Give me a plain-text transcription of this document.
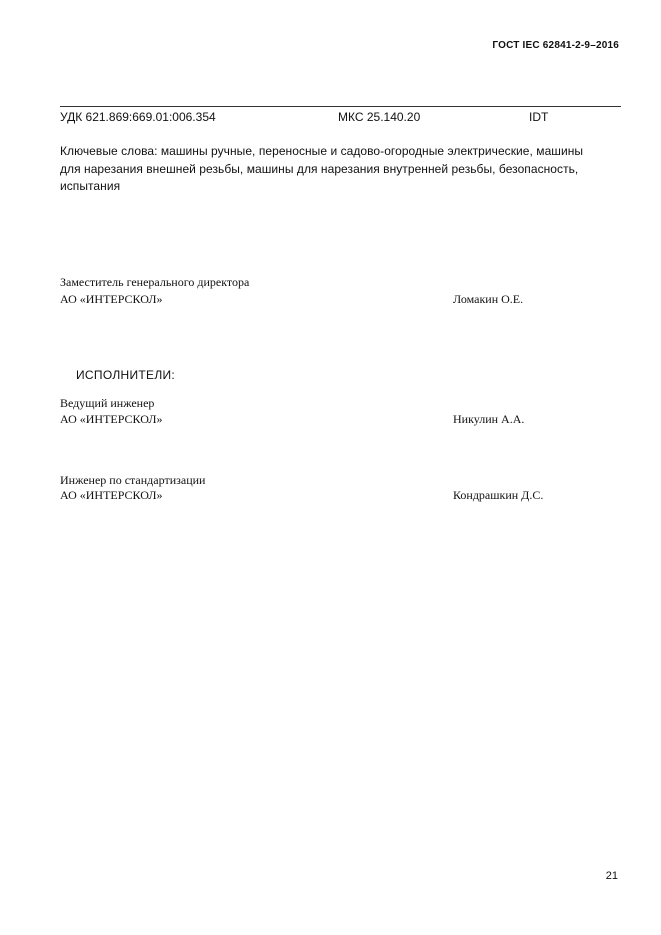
ГОСТ IEC 62841-2-9–2016
УДК 621.869:669.01:006.354	МКС 25.140.20	IDT
Ключевые слова: машины ручные, переносные и садово-огородные электрические, машины для нарезания внешней резьбы, машины для нарезания внутренней резьбы, безопасность, испытания
Заместитель генерального директора
АО «ИНТЕРСКОЛ»	Ломакин О.Е.
ИСПОЛНИТЕЛИ:
Ведущий инженер
АО «ИНТЕРСКОЛ»	Никулин А.А.
Инженер по стандартизации
АО «ИНТЕРСКОЛ»	Кондрашкин Д.С.
21
